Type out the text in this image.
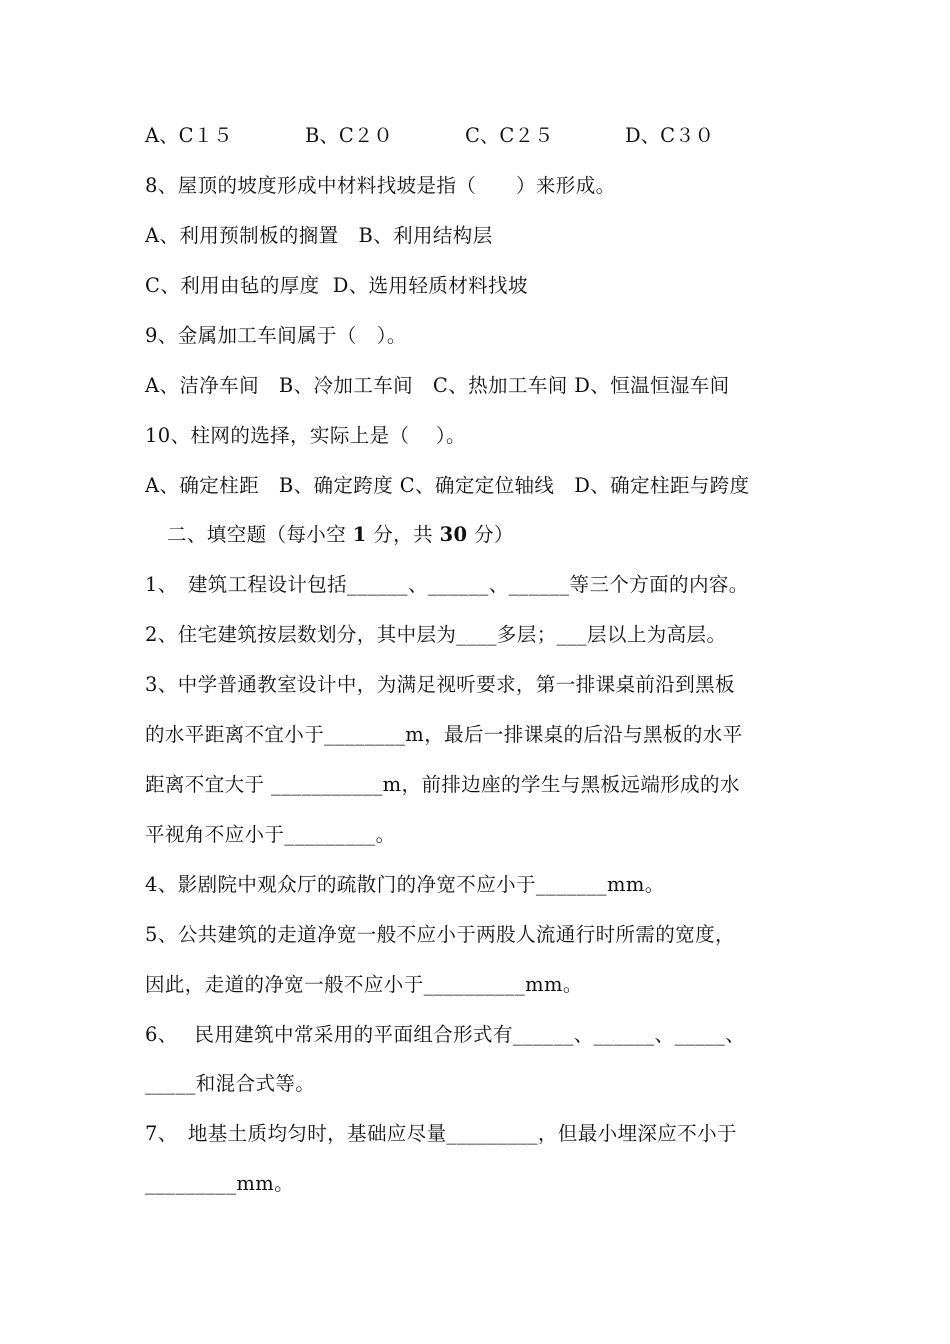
A、C１５	B、C２０	C、C２５	D、C３０
8、屋顶的坡度形成中材料找坡是指（　　）来形成。
A、利用预制板的搁置　B、利用结构层
C、利用由毡的厚度  D、选用轻质材料找坡
9、金属加工车间属于（　）。
A、洁净车间　B、冷加工车间　C、热加工车间 D、恒温恒湿车间
10、柱网的选择，实际上是（　 ）。
A、确定柱距　B、确定跨度 C、确定定位轴线　D、确定柱距与跨度
二、填空题（每小空 1 分，共 30 分）
1、　建筑工程设计包括______、______、______等三个方面的内容。
2、住宅建筑按层数划分，其中层为____多层；___层以上为高层。
3、中学普通教室设计中，为满足视听要求，第一排课桌前沿到黑板
的水平距离不宜小于________m，最后一排课桌的后沿与黑板的水平
距离不宜大于 ___________m，前排边座的学生与黑板远端形成的水
平视角不应小于_________。
4、影剧院中观众厅的疏散门的净宽不应小于_______mm。
5、公共建筑的走道净宽一般不应小于两股人流通行时所需的宽度，
因此，走道的净宽一般不应小于__________mm。
6、　 民用建筑中常采用的平面组合形式有______、______、_____、
_____和混合式等。
7、　地基土质均匀时，基础应尽量_________，但最小埋深应不小于
_________mm。
